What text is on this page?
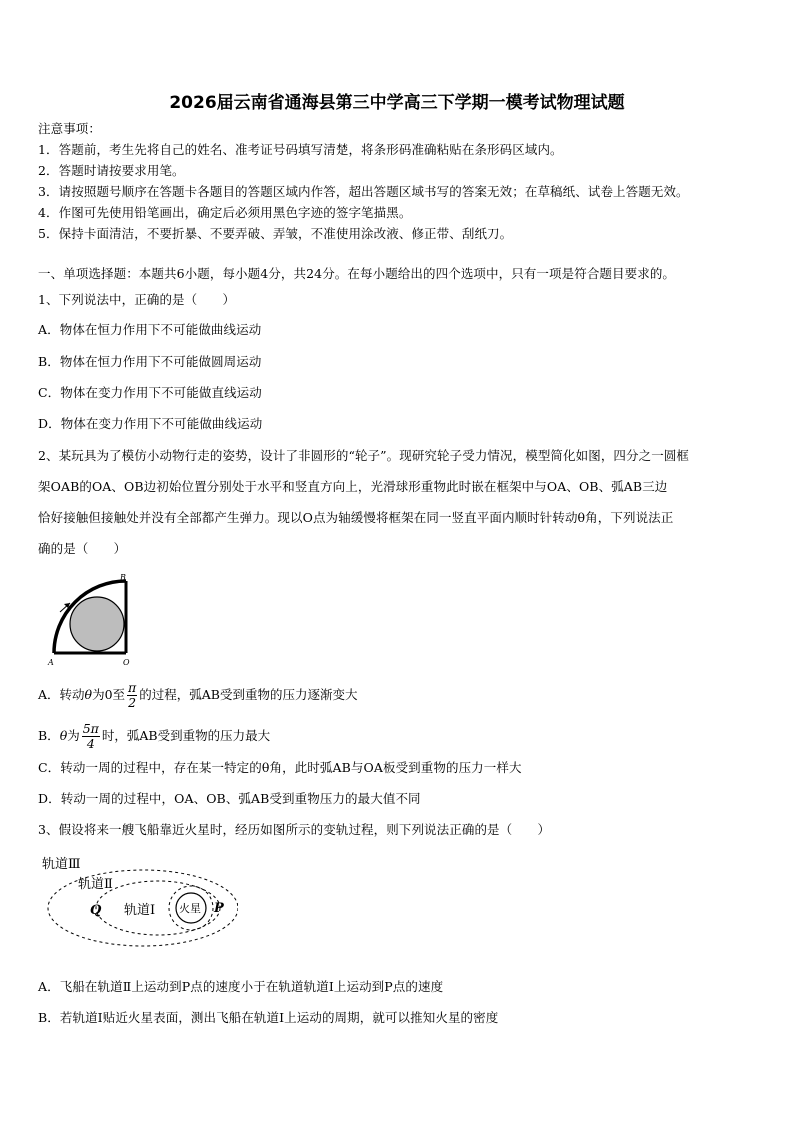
2026届云南省通海县第三中学高三下学期一模考试物理试题
注意事项：
1．答题前，考生先将自己的姓名、准考证号码填写清楚，将条形码准确粘贴在条形码区域内。
2．答题时请按要求用笔。
3．请按照题号顺序在答题卡各题目的答题区域内作答，超出答题区域书写的答案无效；在草稿纸、试卷上答题无效。
4．作图可先使用铅笔画出，确定后必须用黑色字迹的签字笔描黑。
5．保持卡面清洁，不要折暴、不要弄破、弄皱，不准使用涂改液、修正带、刮纸刀。
一、单项选择题：本题共6小题，每小题4分，共24分。在每小题给出的四个选项中，只有一项是符合题目要求的。
1、下列说法中，正确的是（　　）
A．物体在恒力作用下不可能做曲线运动
B．物体在恒力作用下不可能做圆周运动
C．物体在变力作用下不可能做直线运动
D．物体在变力作用下不可能做曲线运动
2、某玩具为了模仿小动物行走的姿势，设计了非圆形的“轮子”。现研究轮子受力情况，模型简化如图，四分之一圆框
架OAB的OA、OB边初始位置分别处于水平和竖直方向上，光滑球形重物此时嵌在框架中与OA、OB、弧AB三边
恰好接触但接触处并没有全部都产生弹力。现以O点为轴缓慢将框架在同一竖直平面内顺时针转动θ角，下列说法正
确的是（　　）
B
A	O
A．转动θ为0至 $\frac{\pi}{2}$ 的过程，弧AB受到重物的压力逐渐变大
B．θ为 $\frac{5\pi}{4}$ 时，弧AB受到重物的压力最大
C．转动一周的过程中，存在某一特定的θ角，此时弧AB与OA板受到重物的压力一样大
D．转动一周的过程中，OA、OB、弧AB受到重物压力的最大值不同
3、假设将来一艘飞船靠近火星时，经历如图所示的变轨过程，则下列说法正确的是（　　）
火星
轨道Ⅲ
轨道Ⅱ
轨道Ⅰ
Q	P
A．飞船在轨道Ⅱ上运动到P点的速度小于在轨道轨道Ⅰ上运动到P点的速度
B．若轨道I贴近火星表面，测出飞船在轨道I上运动的周期，就可以推知火星的密度
